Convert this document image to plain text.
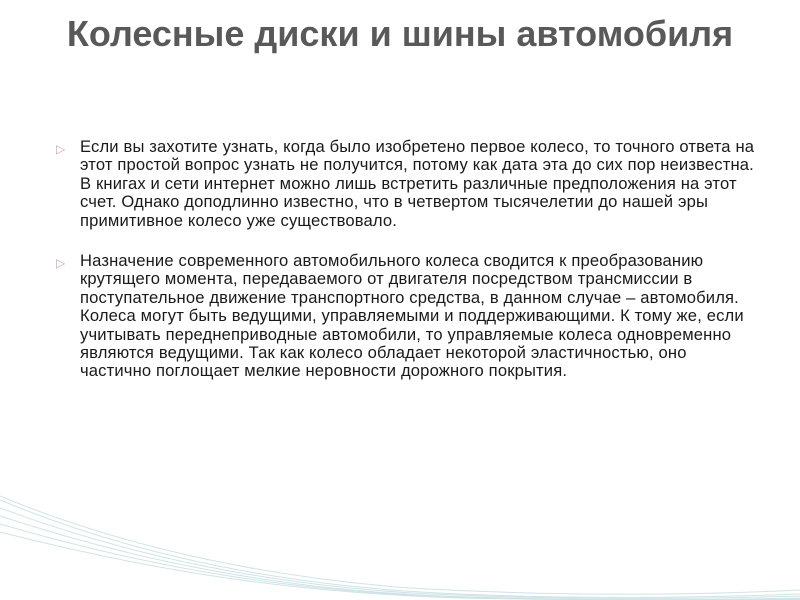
Колесные диски и шины автомобиля
▷ Если вы захотите узнать, когда было изобретено первое колесо, то точного ответа на этот простой вопрос узнать не получится, потому как дата эта до сих пор неизвестна. В книгах и сети интернет можно лишь встретить различные предположения на этот счет. Однако доподлинно известно, что в четвертом тысячелетии до нашей эры примитивное колесо уже существовало.
▷ Назначение современного автомобильного колеса сводится к преобразованию крутящего момента, передаваемого от двигателя посредством трансмиссии в поступательное движение транспортного средства, в данном случае – автомобиля. Колеса могут быть ведущими, управляемыми и поддерживающими. К тому же, если учитывать переднеприводные автомобили, то управляемые колеса одновременно являются ведущими. Так как колесо обладает некоторой эластичностью, оно частично поглощает мелкие неровности дорожного покрытия.
